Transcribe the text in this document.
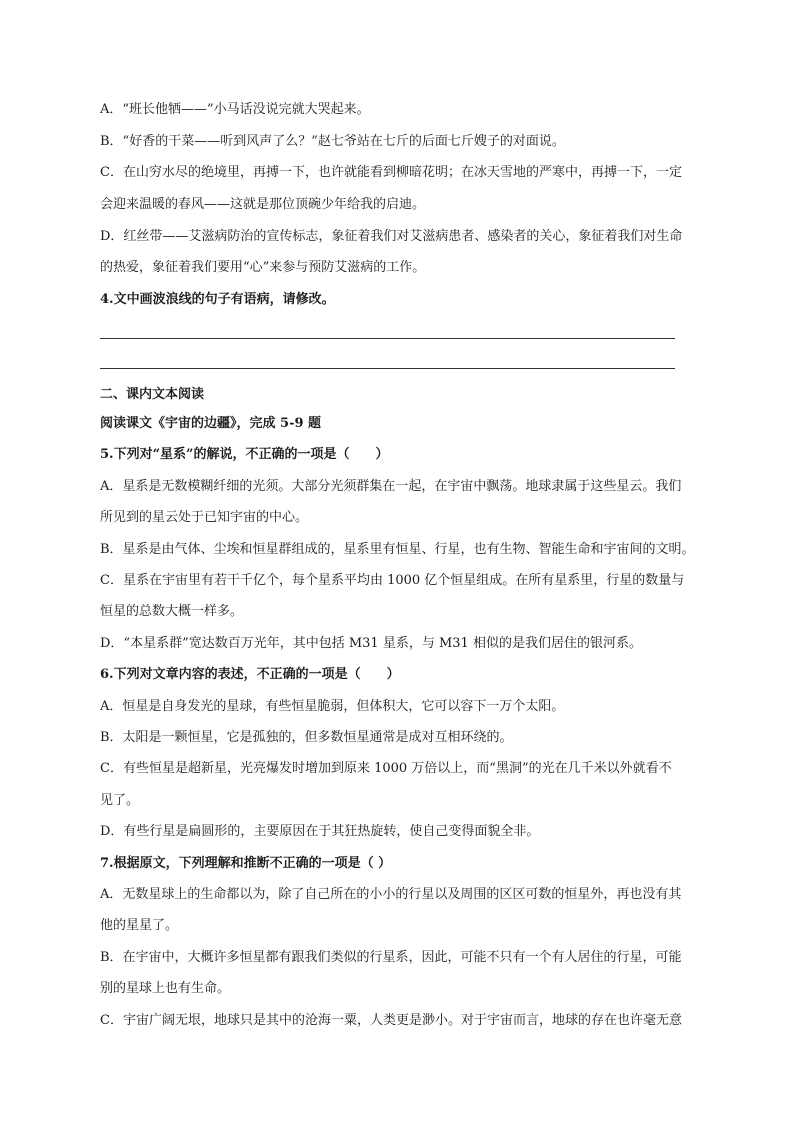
A．“班长他牺——”小马话没说完就大哭起来。
B．“好香的干菜——听到风声了么？”赵七爷站在七斤的后面七斤嫂子的对面说。
C．在山穷水尽的绝境里，再搏一下，也许就能看到柳暗花明；在冰天雪地的严寒中，再搏一下，一定
会迎来温暖的春风——这就是那位顶碗少年给我的启迪。
D．红丝带——艾滋病防治的宣传标志，象征着我们对艾滋病患者、感染者的关心，象征着我们对生命
的热爱，象征着我们要用“心”来参与预防艾滋病的工作。
4.文中画波浪线的句子有语病，请修改。
二、课内文本阅读
阅读课文《宇宙的边疆》，完成 5-9 题
5.下列对“星系”的解说，不正确的一项是（　　）
A．星系是无数模糊纤细的光须。大部分光须群集在一起，在宇宙中飘荡。地球隶属于这些星云。我们
所见到的星云处于已知宇宙的中心。
B．星系是由气体、尘埃和恒星群组成的，星系里有恒星、行星，也有生物、智能生命和宇宙间的文明。
C．星系在宇宙里有若干千亿个，每个星系平均由 1000 亿个恒星组成。在所有星系里，行星的数量与
恒星的总数大概一样多。
D．“本星系群”宽达数百万光年，其中包括 M31 星系，与 M31 相似的是我们居住的银河系。
6.下列对文章内容的表述，不正确的一项是（　　）
A．恒星是自身发光的星球，有些恒星脆弱，但体积大，它可以容下一万个太阳。
B．太阳是一颗恒星，它是孤独的，但多数恒星通常是成对互相环绕的。
C．有些恒星是超新星，光亮爆发时增加到原来 1000 万倍以上，而“黑洞”的光在几千米以外就看不
见了。
D．有些行星是扁圆形的，主要原因在于其狂热旋转，使自己变得面貌全非。
7.根据原文，下列理解和推断不正确的一项是（ ）
A．无数星球上的生命都以为，除了自己所在的小小的行星以及周围的区区可数的恒星外，再也没有其
他的星星了。
B．在宇宙中，大概许多恒星都有跟我们类似的行星系，因此，可能不只有一个有人居住的行星，可能
别的星球上也有生命。
C．宇宙广阔无垠，地球只是其中的沧海一粟，人类更是渺小。对于宇宙而言，地球的存在也许毫无意
